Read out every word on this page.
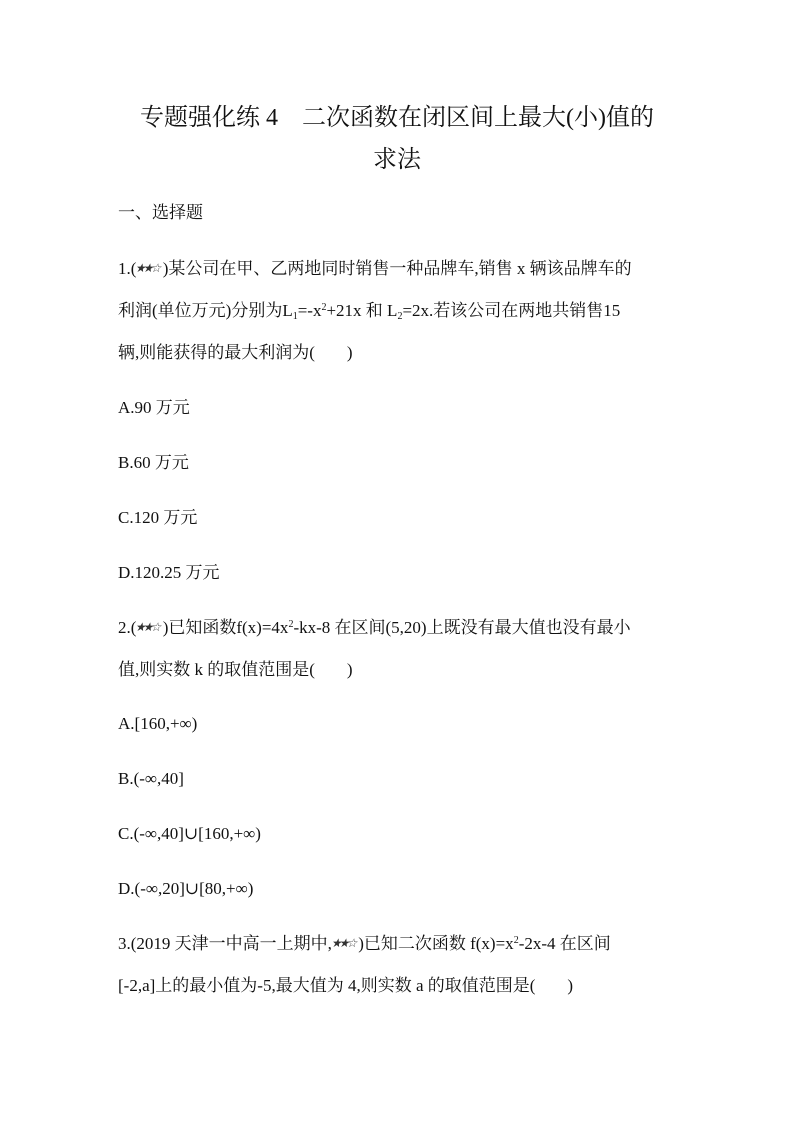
专题强化练 4　二次函数在闭区间上最大(小)值的
求法
一、选择题
1.(★★☆)某公司在甲、乙两地同时销售一种品牌车,销售 x 辆该品牌车的
利润(单位万元)分别为$L_1=-x^2+21x$ 和 $L_2=2x$.若该公司在两地共销售15
辆,则能获得的最大利润为( )
A.90 万元
B.60 万元
C.120 万元
D.120.25 万元
2.(★★☆)已知函数$f(x)=4x^2-kx-8$ 在区间(5,20)上既没有最大值也没有最小
值,则实数 k 的取值范围是( )
A.[160,+∞)
B.(-∞,40]
C.(-∞,40]∪[160,+∞)
D.(-∞,20]∪[80,+∞)
3.(2019 天津一中高一上期中,★★☆)已知二次函数 $f(x)=x^2-2x-4$ 在区间
[-2,a]上的最小值为-5,最大值为 4,则实数 a 的取值范围是( )
